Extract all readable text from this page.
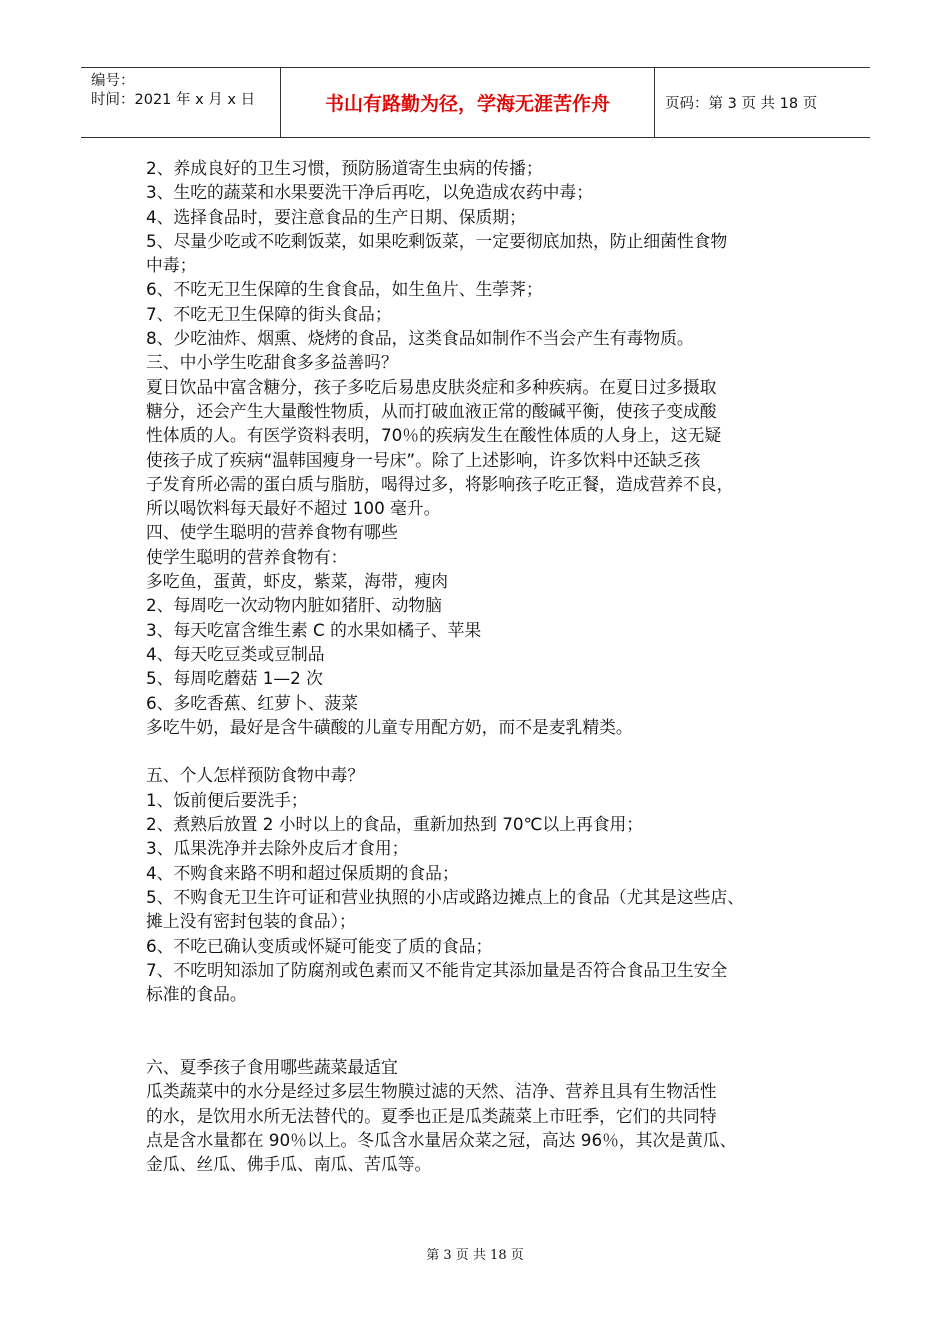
编号：
时间：2021 年 x 月 x 日	书山有路勤为径，学海无涯苦作舟	页码：第 3 页 共 18 页

2、养成良好的卫生习惯，预防肠道寄生虫病的传播；

3、生吃的蔬菜和水果要洗干净后再吃，以免造成农药中毒；

4、选择食品时，要注意食品的生产日期、保质期；

5、尽量少吃或不吃剩饭菜，如果吃剩饭菜，一定要彻底加热，防止细菌性食物

中毒；

6、不吃无卫生保障的生食食品，如生鱼片、生荸荠；

7、不吃无卫生保障的街头食品；

8、少吃油炸、烟熏、烧烤的食品，这类食品如制作不当会产生有毒物质。

三、中小学生吃甜食多多益善吗？

夏日饮品中富含糖分，孩子多吃后易患皮肤炎症和多种疾病。在夏日过多摄取

糖分，还会产生大量酸性物质，从而打破血液正常的酸碱平衡，使孩子变成酸

性体质的人。有医学资料表明，70％的疾病发生在酸性体质的人身上，这无疑

使孩子成了疾病“温韩国瘦身一号床”。除了上述影响，许多饮料中还缺乏孩

子发育所必需的蛋白质与脂肪，喝得过多，将影响孩子吃正餐，造成营养不良，

所以喝饮料每天最好不超过 100 毫升。

四、使学生聪明的营养食物有哪些

使学生聪明的营养食物有：

多吃鱼，蛋黄，虾皮，紫菜，海带，瘦肉

2、每周吃一次动物内脏如猪肝、动物脑

3、每天吃富含维生素 C 的水果如橘子、苹果

4、每天吃豆类或豆制品

5、每周吃蘑菇 1—2 次

6、多吃香蕉、红萝卜、菠菜

多吃牛奶，最好是含牛磺酸的儿童专用配方奶，而不是麦乳精类。

五、个人怎样预防食物中毒？

1、饭前便后要洗手；

2、煮熟后放置 2 小时以上的食品，重新加热到 70℃以上再食用；

3、瓜果洗净并去除外皮后才食用；

4、不购食来路不明和超过保质期的食品；

5、不购食无卫生许可证和营业执照的小店或路边摊点上的食品（尤其是这些店、

摊上没有密封包装的食品）；

6、不吃已确认变质或怀疑可能变了质的食品；

7、不吃明知添加了防腐剂或色素而又不能肯定其添加量是否符合食品卫生安全

标准的食品。

六、夏季孩子食用哪些蔬菜最适宜

瓜类蔬菜中的水分是经过多层生物膜过滤的天然、洁净、营养且具有生物活性

的水，是饮用水所无法替代的。夏季也正是瓜类蔬菜上市旺季，它们的共同特

点是含水量都在 90％以上。冬瓜含水量居众菜之冠，高达 96％，其次是黄瓜、

金瓜、丝瓜、佛手瓜、南瓜、苦瓜等。

第 3 页 共 18 页
